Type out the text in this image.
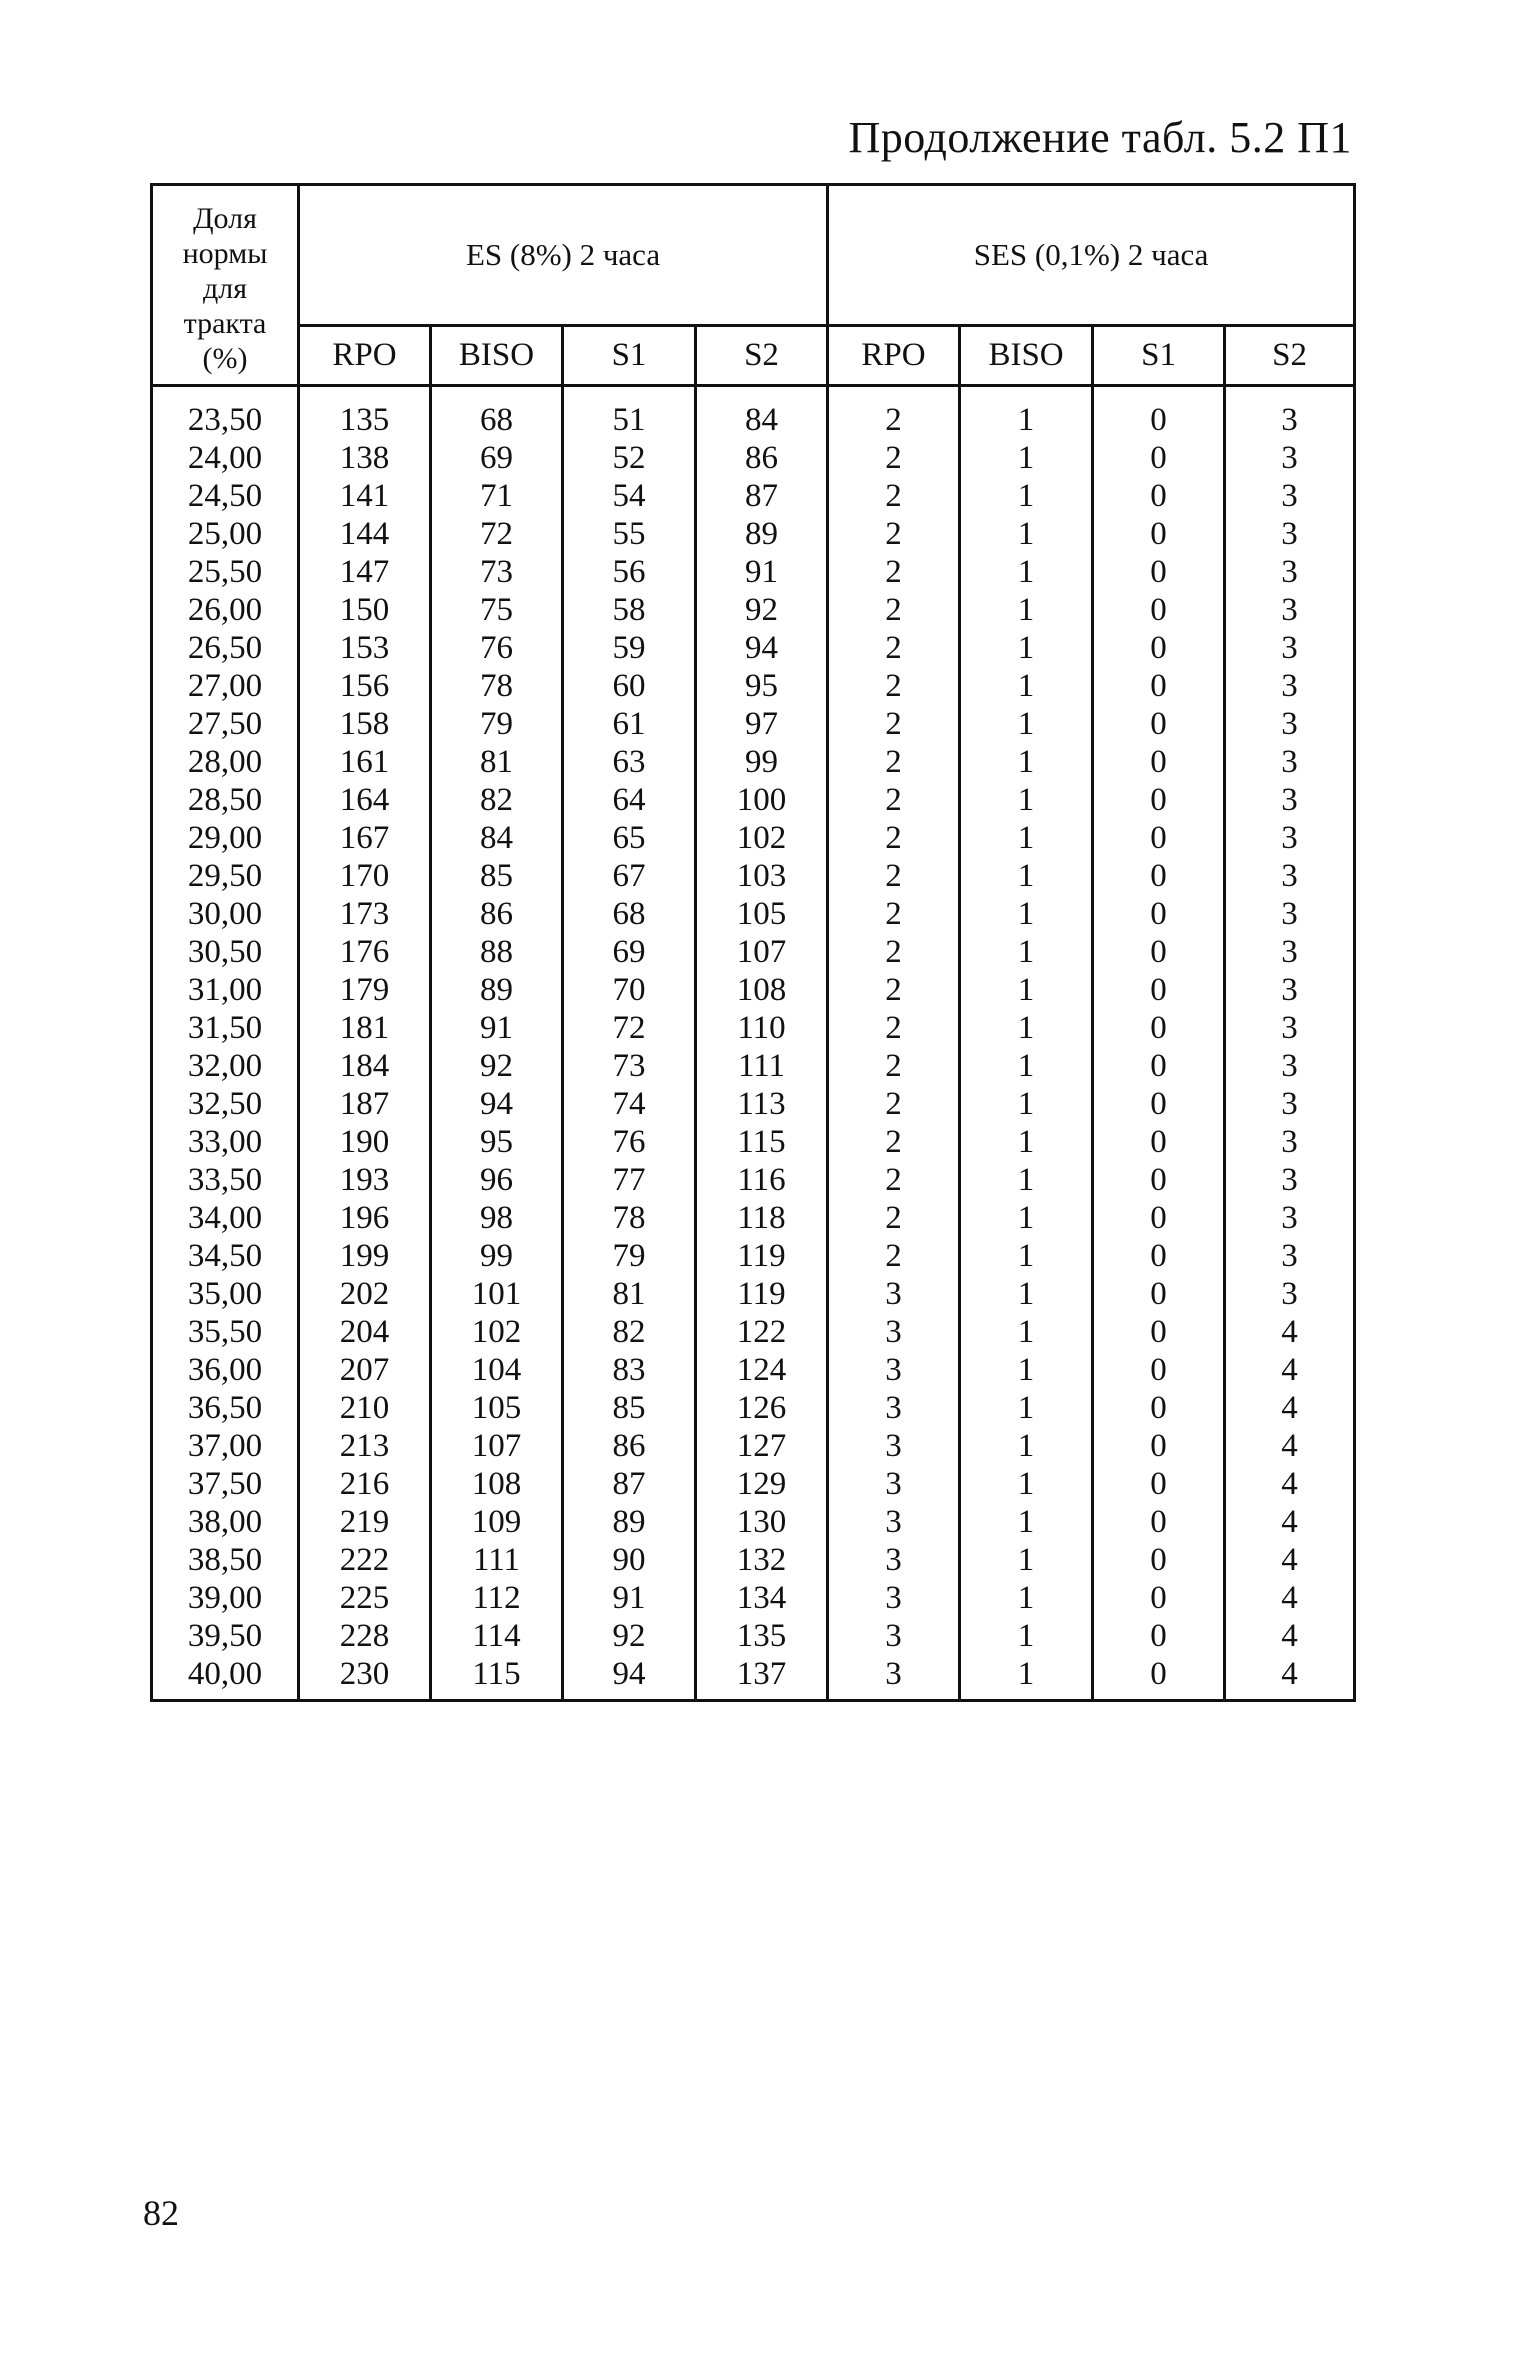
Продолжение табл. 5.2 П1
Доля
нормы
для
тракта
(%)	ES (8%) 2 часа				SES (0,1%) 2 часа			
	RPO	BISO	S1	S2	RPO	BISO	S1	S2

23,50	135	68	51	84	2	1	0	3
24,00	138	69	52	86	2	1	0	3
24,50	141	71	54	87	2	1	0	3
25,00	144	72	55	89	2	1	0	3
25,50	147	73	56	91	2	1	0	3
26,00	150	75	58	92	2	1	0	3
26,50	153	76	59	94	2	1	0	3
27,00	156	78	60	95	2	1	0	3
27,50	158	79	61	97	2	1	0	3
28,00	161	81	63	99	2	1	0	3
28,50	164	82	64	100	2	1	0	3
29,00	167	84	65	102	2	1	0	3
29,50	170	85	67	103	2	1	0	3
30,00	173	86	68	105	2	1	0	3
30,50	176	88	69	107	2	1	0	3
31,00	179	89	70	108	2	1	0	3
31,50	181	91	72	110	2	1	0	3
32,00	184	92	73	111	2	1	0	3
32,50	187	94	74	113	2	1	0	3
33,00	190	95	76	115	2	1	0	3
33,50	193	96	77	116	2	1	0	3
34,00	196	98	78	118	2	1	0	3
34,50	199	99	79	119	2	1	0	3
35,00	202	101	81	119	3	1	0	3
35,50	204	102	82	122	3	1	0	4
36,00	207	104	83	124	3	1	0	4
36,50	210	105	85	126	3	1	0	4
37,00	213	107	86	127	3	1	0	4
37,50	216	108	87	129	3	1	0	4
38,00	219	109	89	130	3	1	0	4
38,50	222	111	90	132	3	1	0	4
39,00	225	112	91	134	3	1	0	4
39,50	228	114	92	135	3	1	0	4
40,00	230	115	94	137	3	1	0	4
82
